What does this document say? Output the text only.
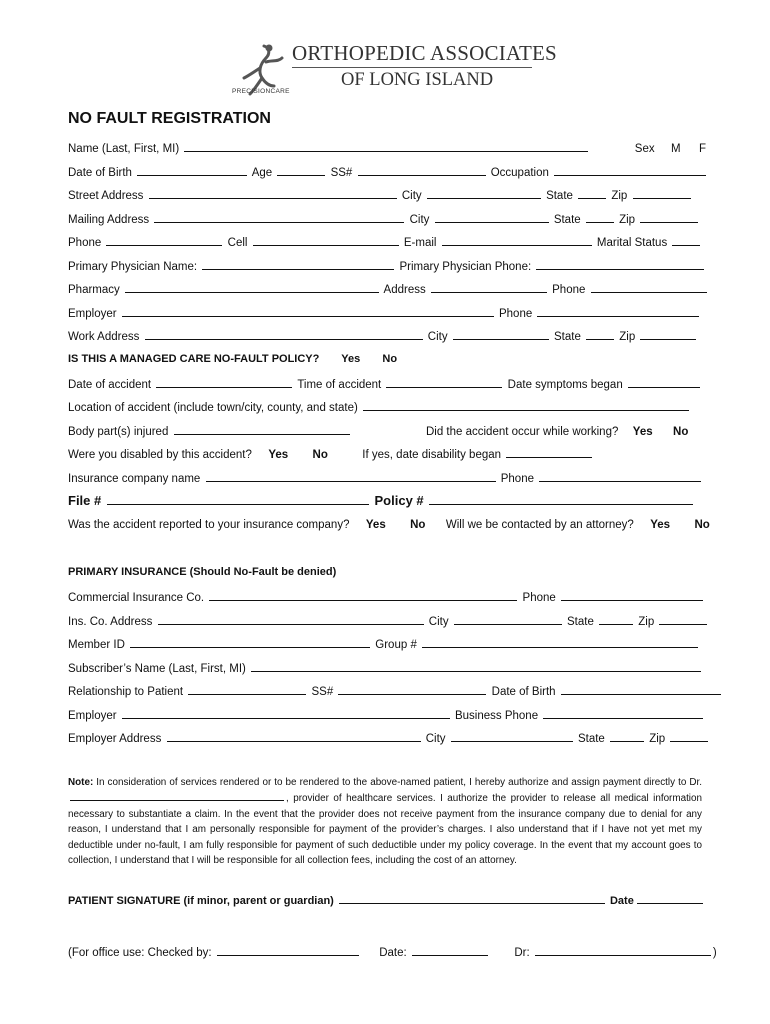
PRECISIONCARE
ORTHOPEDIC ASSOCIATES
OF LONG ISLAND
NO FAULT REGISTRATION
Name (Last, First, MI)	Sex M F
Date of Birth	Age	SS#	Occupation
Street Address	City	State	Zip
Mailing Address	City	State	Zip
Phone	Cell	E-mail	Marital Status
Primary Physician Name:	Primary Physician Phone:
Pharmacy	Address	Phone
Employer	Phone
Work Address	City	State	Zip
IS THIS A MANAGED CARE NO-FAULT POLICY? Yes No
Date of accident	Time of accident	Date symptoms began
Location of accident (include town/city, county, and state)
Body part(s) injured	Did the accident occur while working? Yes No
Were you disabled by this accident? Yes No	If yes, date disability began
Insurance company name	Phone
File #	Policy #
Was the accident reported to your insurance company? Yes No Will we be contacted by an attorney? Yes No
PRIMARY INSURANCE (Should No-Fault be denied)
Commercial Insurance Co.	Phone
Ins. Co. Address	City	State	Zip
Member ID	Group #
Subscriber’s Name (Last, First, MI)
Relationship to Patient	SS#	Date of Birth
Employer	Business Phone
Employer Address	City	State	Zip
Note: In consideration of services rendered or to be rendered to the above-named patient, I hereby authorize and assign payment directly to Dr. , provider of healthcare services. I authorize the provider to release all medical information necessary to substantiate a claim. In the event that the provider does not receive payment from the insurance company due to denial for any reason, I understand that I am personally responsible for payment of the provider’s charges. I also understand that if I have not yet met my deductible under no-fault, I am fully responsible for payment of such deductible under my policy coverage. In the event that my account goes to collection, I understand that I will be responsible for all collection fees, including the cost of an attorney.
PATIENT SIGNATURE (if minor, parent or guardian)	Date
(For office use: Checked by:	Date:	Dr:	)
